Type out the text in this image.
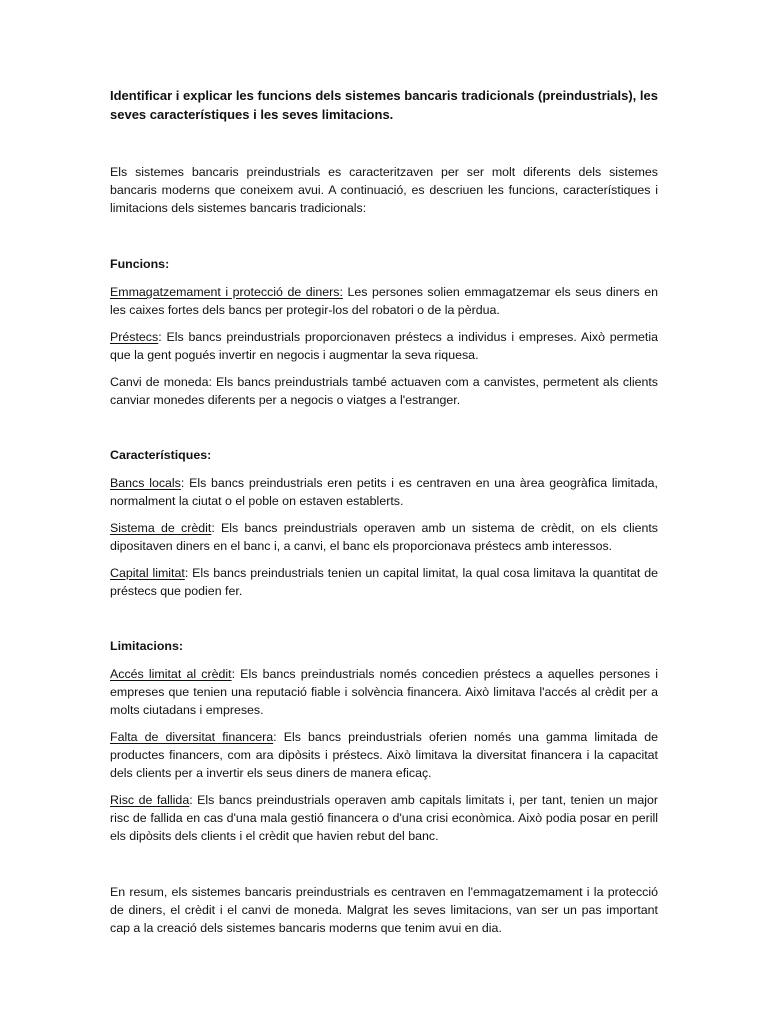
Identificar i explicar les funcions dels sistemes bancaris tradicionals (preindustrials), les seves característiques i les seves limitacions.

Els sistemes bancaris preindustrials es caracteritzaven per ser molt diferents dels sistemes bancaris moderns que coneixem avui. A continuació, es descriuen les funcions, característiques i limitacions dels sistemes bancaris tradicionals:

Funcions:

Emmagatzemament i protecció de diners: Les persones solien emmagatzemar els seus diners en les caixes fortes dels bancs per protegir-los del robatori o de la pèrdua.

Préstecs: Els bancs preindustrials proporcionaven préstecs a individus i empreses. Això permetia que la gent pogués invertir en negocis i augmentar la seva riquesa.

Canvi de moneda: Els bancs preindustrials també actuaven com a canvistes, permetent als clients canviar monedes diferents per a negocis o viatges a l'estranger.

Característiques:

Bancs locals: Els bancs preindustrials eren petits i es centraven en una àrea geogràfica limitada, normalment la ciutat o el poble on estaven establerts.

Sistema de crèdit: Els bancs preindustrials operaven amb un sistema de crèdit, on els clients dipositaven diners en el banc i, a canvi, el banc els proporcionava préstecs amb interessos.

Capital limitat: Els bancs preindustrials tenien un capital limitat, la qual cosa limitava la quantitat de préstecs que podien fer.

Limitacions:

Accés limitat al crèdit: Els bancs preindustrials només concedien préstecs a aquelles persones i empreses que tenien una reputació fiable i solvència financera. Això limitava l'accés al crèdit per a molts ciutadans i empreses.

Falta de diversitat financera: Els bancs preindustrials oferien només una gamma limitada de productes financers, com ara dipòsits i préstecs. Això limitava la diversitat financera i la capacitat dels clients per a invertir els seus diners de manera eficaç.

Risc de fallida: Els bancs preindustrials operaven amb capitals limitats i, per tant, tenien un major risc de fallida en cas d'una mala gestió financera o d'una crisi econòmica. Això podia posar en perill els dipòsits dels clients i el crèdit que havien rebut del banc.

En resum, els sistemes bancaris preindustrials es centraven en l'emmagatzemament i la protecció de diners, el crèdit i el canvi de moneda. Malgrat les seves limitacions, van ser un pas important cap a la creació dels sistemes bancaris moderns que tenim avui en dia.
